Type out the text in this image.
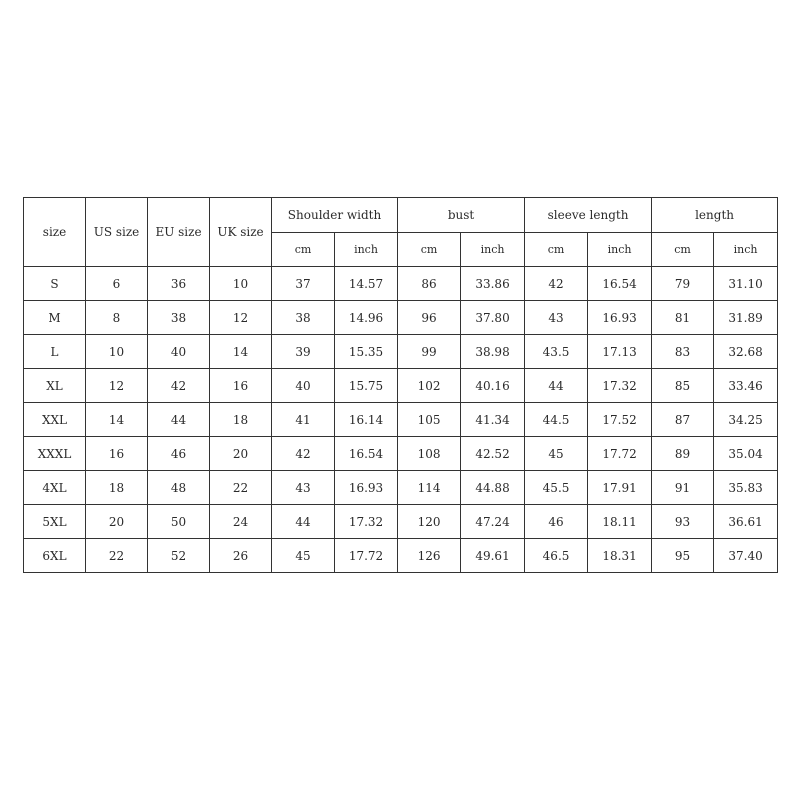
size	US size	EU size	UK size	Shoulder width		bust		sleeve length		length	
				cm	inch	cm	inch	cm	inch	cm	inch
S	6	36	10	37	14.57	86	33.86	42	16.54	79	31.10
M	8	38	12	38	14.96	96	37.80	43	16.93	81	31.89
L	10	40	14	39	15.35	99	38.98	43.5	17.13	83	32.68
XL	12	42	16	40	15.75	102	40.16	44	17.32	85	33.46
XXL	14	44	18	41	16.14	105	41.34	44.5	17.52	87	34.25
XXXL	16	46	20	42	16.54	108	42.52	45	17.72	89	35.04
4XL	18	48	22	43	16.93	114	44.88	45.5	17.91	91	35.83
5XL	20	50	24	44	17.32	120	47.24	46	18.11	93	36.61
6XL	22	52	26	45	17.72	126	49.61	46.5	18.31	95	37.40
